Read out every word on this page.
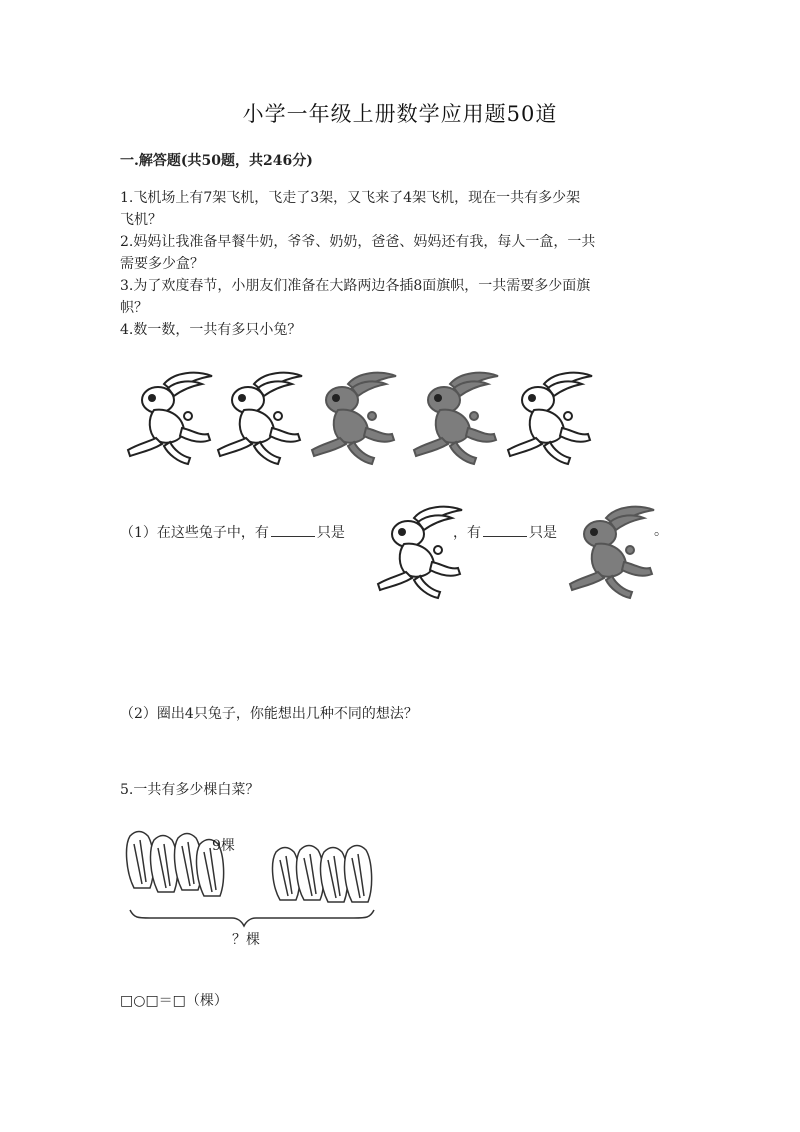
小学一年级上册数学应用题50道
一.解答题(共50题，共246分)
1.飞机场上有7架飞机，飞走了3架，又飞来了4架飞机，现在一共有多少架
飞机？
2.妈妈让我准备早餐牛奶，爷爷、奶奶，爸爸、妈妈还有我，每人一盒，一共
需要多少盒？
3.为了欢度春节，小朋友们准备在大路两边各插8面旗帜，一共需要多少面旗
帜？
4.数一数，一共有多只小兔？
（1）在这些兔子中，有	只是	，有	只是	。
（2）圈出4只兔子，你能想出几种不同的想法？
5.一共有多少棵白菜？
9棵
？棵
□○□＝□（棵）
